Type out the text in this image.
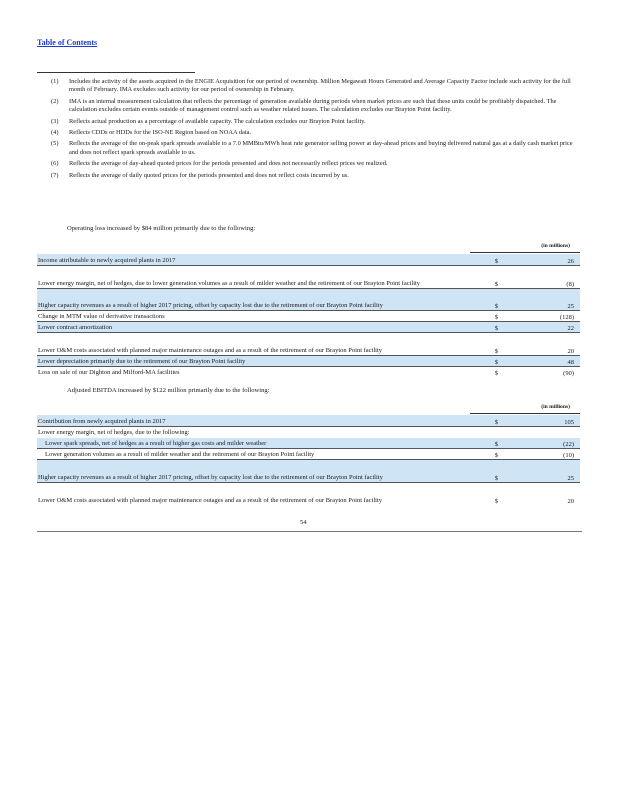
Table of Contents
(1)	Includes the activity of the assets acquired in the ENGIE Acquisition for our period of ownership. Million Megawatt Hours Generated and Average Capacity Factor include such activity for the full month of February. IMA excludes such activity for our period of ownership in February.
(2)	IMA is an internal measurement calculation that reflects the percentage of generation available during periods when market prices are such that these units could be profitably dispatched. The calculation excludes certain events outside of management control such as weather related issues. The calculation excludes our Brayton Point facility.
(3)	Reflects actual production as a percentage of available capacity. The calculation excludes our Brayton Point facility.
(4)	Reflects CDDs or HDDs for the ISO-NE Region based on NOAA data.
(5)	Reflects the average of the on-peak spark spreads available to a 7.0 MMBtu/MWh heat rate generator selling power at day-ahead prices and buying delivered natural gas at a daily cash market price and does not reflect spark spreads available to us.
(6)	Reflects the average of day-ahead quoted prices for the periods presented and does not necessarily reflect prices we realized.
(7)	Reflects the average of daily quoted prices for the periods presented and does not reflect costs incurred by us.
Operating loss increased by $84 million primarily due to the following:
(in millions)
Income attributable to newly acquired plants in 2017	$	26
Lower energy margin, net of hedges, due to lower generation volumes as a result of milder weather and the retirement of our Brayton Point facility	$	(8)
Higher capacity revenues as a result of higher 2017 pricing, offset by capacity lost due to the retirement of our Brayton Point facility	$	25
Change in MTM value of derivative transactions	$	(128)
Lower contract amortization	$	22
Lower O&M costs associated with planned major maintenance outages and as a result of the retirement of our Brayton Point facility	$	20
Lower depreciation primarily due to the retirement of our Brayton Point facility	$	48
Loss on sale of our Dighton and Milford-MA facilities	$	(90)
Adjusted EBITDA increased by $122 million primarily due to the following:
(in millions)
Contribution from newly acquired plants in 2017	$	105
Lower energy margin, net of hedges, due to the following:
Lower spark spreads, net of hedges as a result of higher gas costs and milder weather	$	(22)
Lower generation volumes as a result of milder weather and the retirement of our Brayton Point facility	$	(10)
Higher capacity revenues as a result of higher 2017 pricing, offset by capacity lost due to the retirement of our Brayton Point facility	$	25
Lower O&M costs associated with planned major maintenance outages and as a result of the retirement of our Brayton Point facility	$	20
54
